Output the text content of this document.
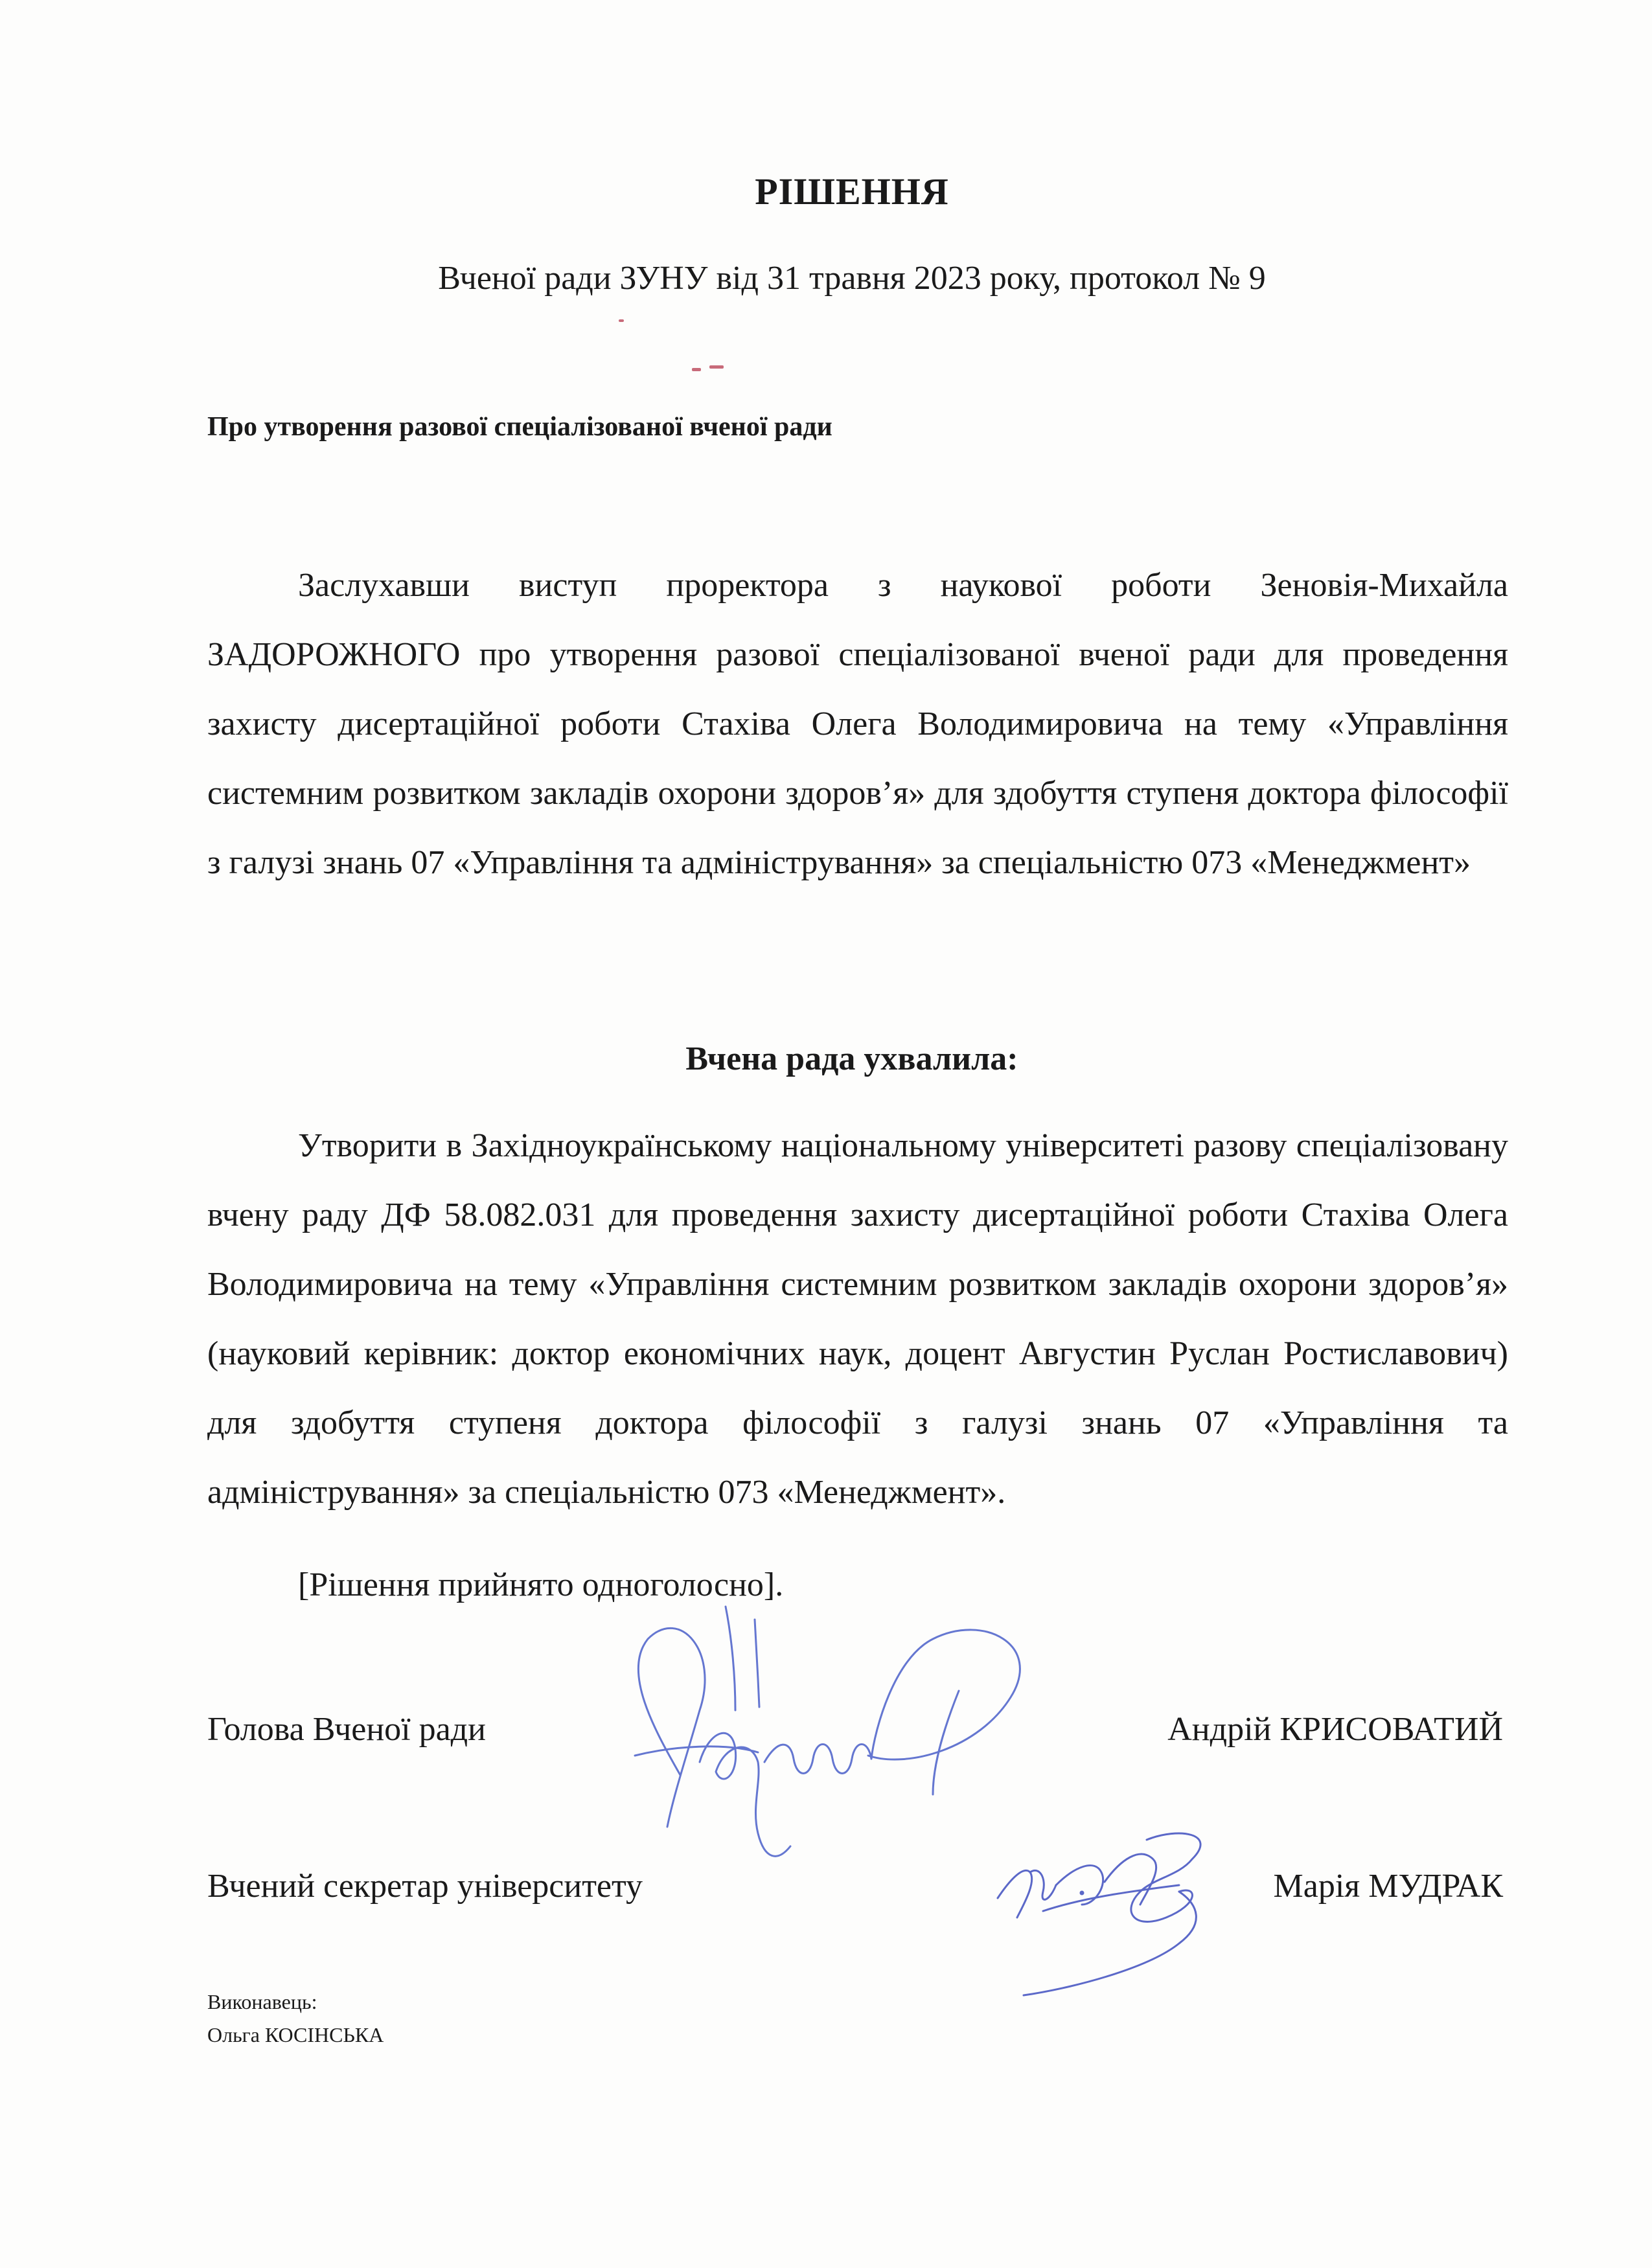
РІШЕННЯ
Вченої ради ЗУНУ від 31 травня 2023 року, протокол № 9
Про утворення разової спеціалізованої вченої ради

Заслухавши виступ проректора з наукової роботи Зеновія-Михайла ЗАДОРОЖНОГО про утворення разової спеціалізованої вченої ради для проведення захисту дисертаційної роботи Стахіва Олега Володимировича на тему «Управління системним розвитком закладів охорони здоров’я» для здобуття ступеня доктора філософії з галузі знань 07 «Управління та адміністрування» за спеціальністю 073 «Менеджмент»

Вчена рада ухвалила:

Утворити в Західноукраїнському національному університеті разову спеціалізовану вчену раду ДФ 58.082.031 для проведення захисту дисертаційної роботи Стахіва Олега Володимировича на тему «Управління системним розвитком закладів охорони здоров’я» (науковий керівник: доктор економічних наук, доцент Августин Руслан Ростиславович) для здобуття ступеня доктора філософії з галузі знань 07 «Управління та адміністрування» за спеціальністю 073 «Менеджмент».

[Рішення прийнято одноголосно].
Голова Вченої ради	Андрій КРИСОВАТИЙ
Вчений секретар університету	Марія МУДРАК
Виконавець:
Ольга КОСІНСЬКА
